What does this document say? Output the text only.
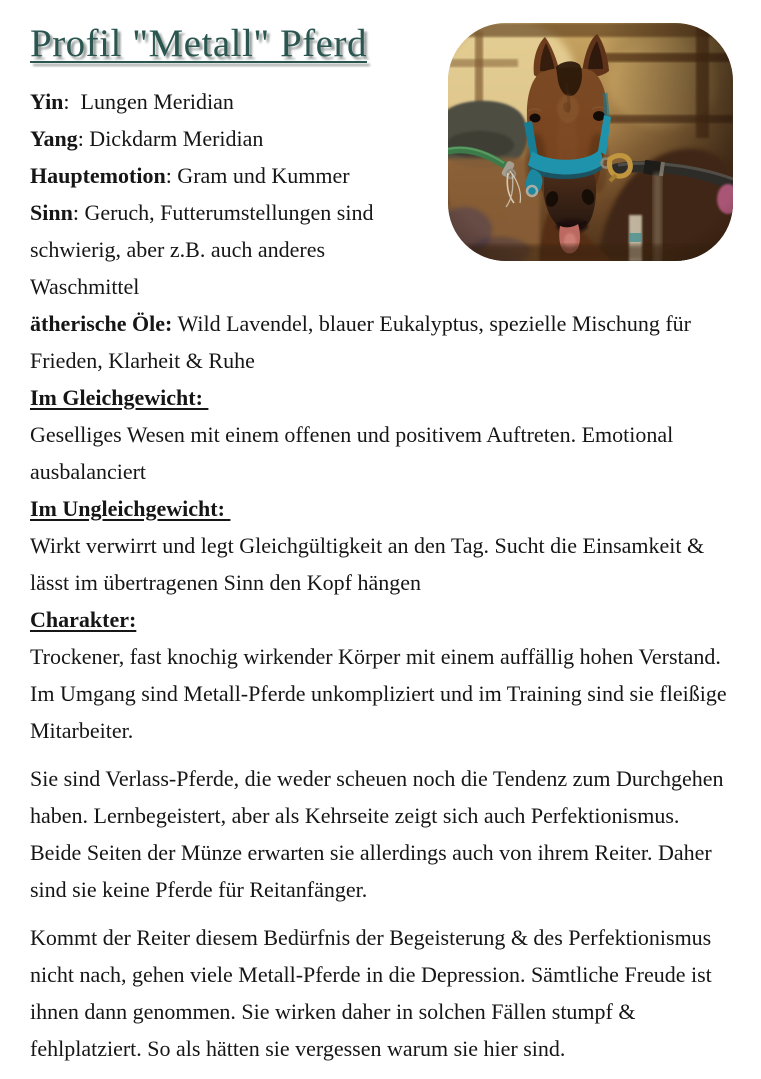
Profil "Metall" Pferd

Yin:  Lungen Meridian

Yang: Dickdarm Meridian

Hauptemotion: Gram und Kummer

Sinn: Geruch, Futterumstellungen sind schwierig, aber z.B. auch anderes Waschmittel

ätherische Öle: Wild Lavendel, blauer Eukalyptus, spezielle Mischung für Frieden, Klarheit & Ruhe

Im Gleichgewicht:

Geselliges Wesen mit einem offenen und positivem Auftreten. Emotional ausbalanciert

Im Ungleichgewicht:

Wirkt verwirrt und legt Gleichgültigkeit an den Tag. Sucht die Einsamkeit & lässt im übertragenen Sinn den Kopf hängen

Charakter:

Trockener, fast knochig wirkender Körper mit einem auffällig hohen Verstand. Im Umgang sind Metall-Pferde unkompliziert und im Training sind sie fleißige Mitarbeiter.

Sie sind Verlass-Pferde, die weder scheuen noch die Tendenz zum Durchgehen haben. Lernbegeistert, aber als Kehrseite zeigt sich auch Perfektionismus. Beide Seiten der Münze erwarten sie allerdings auch von ihrem Reiter. Daher sind sie keine Pferde für Reitanfänger.

Kommt der Reiter diesem Bedürfnis der Begeisterung & des Perfektionismus nicht nach, gehen viele Metall-Pferde in die Depression. Sämtliche Freude ist ihnen dann genommen. Sie wirken daher in solchen Fällen stumpf & fehlplatziert. So als hätten sie vergessen warum sie hier sind.
